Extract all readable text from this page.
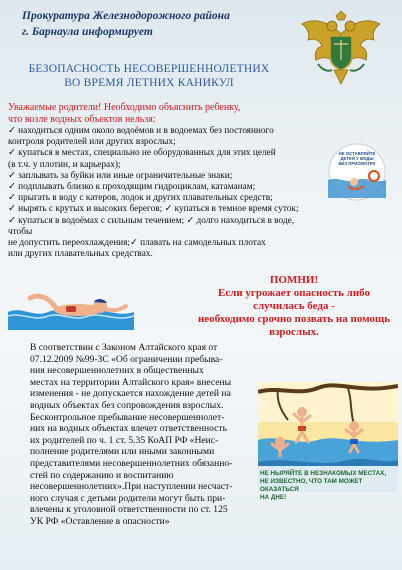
Прокуратура Железнодорожного района
г. Барнаула информирует
БЕЗОПАСНОСТЬ НЕСОВЕРШЕННОЛЕТНИХ
ВО ВРЕМЯ ЛЕТНИХ КАНИКУЛ
Уважаемые родители! Необходимо объяснить ребенку,
что возле водных объектов нельзя:
✓ находиться одним около водоёмов и в водоемах без постоянного
контроля родителей или других взрослых;
✓ купаться в местах, специально не оборудованных для этих целей
(в т.ч. у плотин, и карьерах);
✓ заплывать за буйки или иные ограничительные знаки;
✓ подплывать близко к проходящим гидроциклам, катаманам;
✓ прыгать в воду с катеров, лодок и других плавательных средств;
✓ нырять с крутых и высоких берегов; ✓ купаться в темное время суток;
✓ купаться в водоёмах с сильным течением; ✓ долго находиться в воде, чтобы
не допустить переохлаждения;✓ плавать на самодельных плотах
или других плавательных средствах.
НЕ ОСТАВЛЯЙТЕ
ДЕТЕЙ У ВОДЫ
БЕЗ ПРИСМОТРА
ПОМНИ!
Если угрожает опасность либо случилась беда -
необходимо срочно позвать на помощь взрослых.
В соответствии с Законом Алтайского края от
07.12.2009 №99-ЗС «Об ограничении пребыва-
ния несовершеннолетних в общественных
местах на территории Алтайского края» внесены
изменения - не допускается нахождение детей на
водных объектах без сопровождения взрослых.
Бесконтрольное пребывание несовершеннолет-
них на водных объектах влечет ответственность
их родителей по ч. 1 ст. 5.35 КоАП РФ «Неис-
полнение родителями или иными законными
представителями несовершеннолетних обязанно-
стей по содержанию и воспитанию
несовершеннолетних».При наступлении несчаст-
ного случая с детьми родители могут быть при-
влечены к уголовной ответственности по ст. 125
УК РФ «Оставление в опасности»
НЕ НЫРЯЙТЕ В НЕЗНАКОМЫХ МЕСТАХ,
НЕ ИЗВЕСТНО, ЧТО ТАМ МОЖЕТ ОКАЗАТЬСЯ
НА ДНЕ!
